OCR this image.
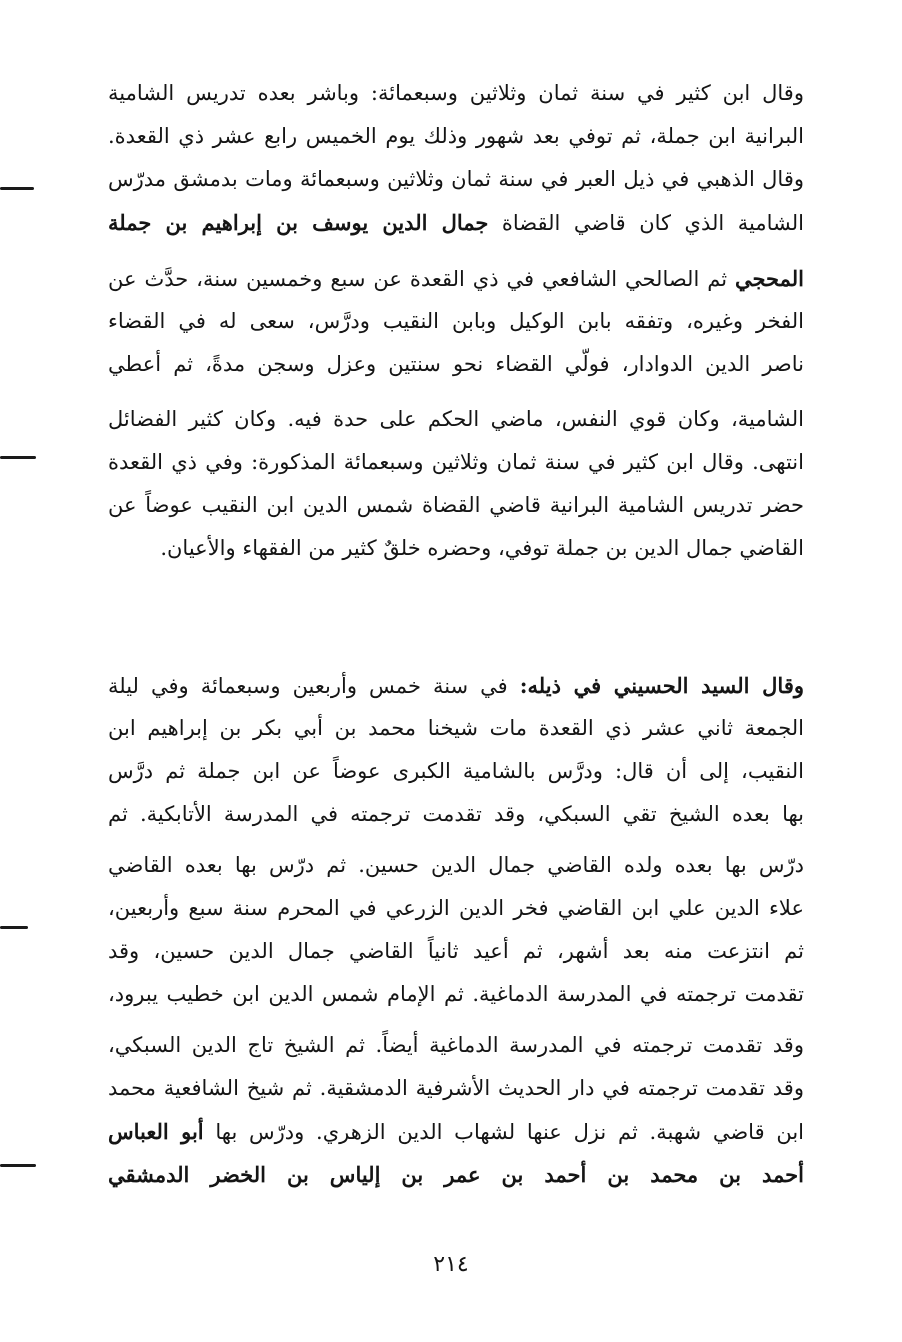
وقال ابن كثير في سنة ثمان وثلاثين وسبعمائة: وباشر بعده تدريس الشامية
البرانية ابن جملة، ثم توفي بعد شهور وذلك يوم الخميس رابع عشر ذي القعدة.
وقال الذهبي في ذيل العبر في سنة ثمان وثلاثين وسبعمائة ومات بدمشق مدرّس
الشامية الذي كان قاضي القضاة جمال الدين يوسف بن إبراهيم بن جملة
المحجي ثم الصالحي الشافعي في ذي القعدة عن سبع وخمسين سنة، حدَّث عن
الفخر وغيره، وتفقه بابن الوكيل وبابن النقيب ودرَّس، سعى له في القضاء
ناصر الدين الدوادار، فولّي القضاء نحو سنتين وعزل وسجن مدةً، ثم أعطي
الشامية، وكان قوي النفس، ماضي الحكم على حدة فيه. وكان كثير الفضائل
انتهى. وقال ابن كثير في سنة ثمان وثلاثين وسبعمائة المذكورة: وفي ذي القعدة
حضر تدريس الشامية البرانية قاضي القضاة شمس الدين ابن النقيب عوضاً عن
القاضي جمال الدين بن جملة توفي، وحضره خلقٌ كثير من الفقهاء والأعيان.
وقال السيد الحسيني في ذيله: في سنة خمس وأربعين وسبعمائة وفي ليلة
الجمعة ثاني عشر ذي القعدة مات شيخنا محمد بن أبي بكر بن إبراهيم ابن
النقيب، إلى أن قال: ودرَّس بالشامية الكبرى عوضاً عن ابن جملة ثم درَّس
بها بعده الشيخ تقي السبكي، وقد تقدمت ترجمته في المدرسة الأتابكية. ثم
درّس بها بعده ولده القاضي جمال الدين حسين. ثم درّس بها بعده القاضي
علاء الدين علي ابن القاضي فخر الدين الزرعي في المحرم سنة سبع وأربعين،
ثم انتزعت منه بعد أشهر، ثم أعيد ثانياً القاضي جمال الدين حسين، وقد
تقدمت ترجمته في المدرسة الدماغية. ثم الإمام شمس الدين ابن خطيب يبرود،
وقد تقدمت ترجمته في المدرسة الدماغية أيضاً. ثم الشيخ تاج الدين السبكي،
وقد تقدمت ترجمته في دار الحديث الأشرفية الدمشقية. ثم شيخ الشافعية محمد
ابن قاضي شهبة. ثم نزل عنها لشهاب الدين الزهري. ودرّس بها أبو العباس
أحمد بن محمد بن أحمد بن عمر بن إلياس بن الخضر الدمشقي
٢١٤
